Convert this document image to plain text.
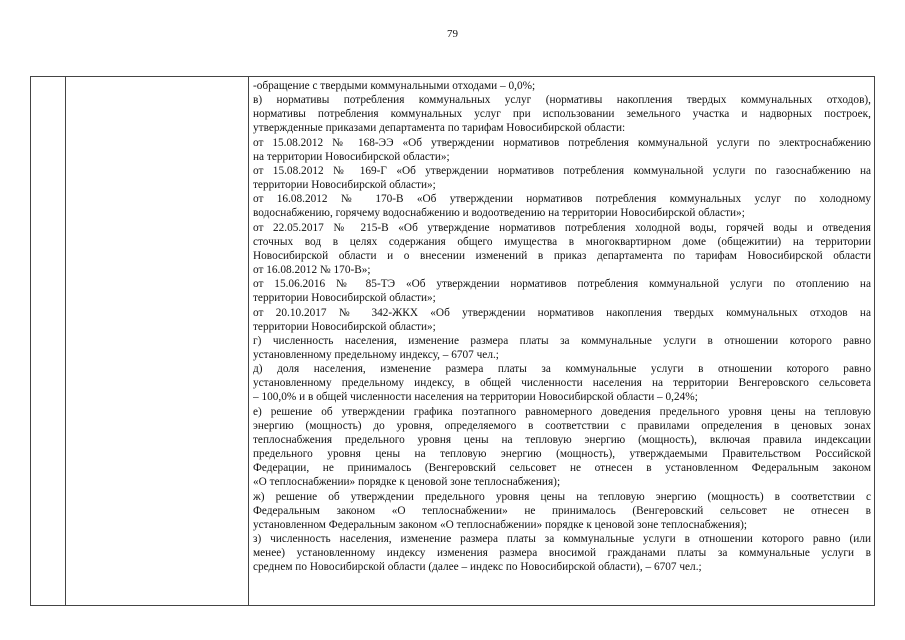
79

-обращение с твердыми коммунальными отходами – 0,0%;
в) нормативы потребления коммунальных услуг (нормативы накопления твердых коммунальных отходов),
нормативы потребления коммунальных услуг при использовании земельного участка и надворных построек,
утвержденные приказами департамента по тарифам Новосибирской области:
от 15.08.2012 № 168-ЭЭ «Об утверждении нормативов потребления коммунальной услуги по электроснабжению
на территории Новосибирской области»;
от 15.08.2012 № 169-Г «Об утверждении нормативов потребления коммунальной услуги по газоснабжению на
территории Новосибирской области»;
от 16.08.2012 № 170-В «Об утверждении нормативов потребления коммунальных услуг по холодному
водоснабжению, горячему водоснабжению и водоотведению на территории Новосибирской области»;
от 22.05.2017 № 215-В «Об утверждение нормативов потребления холодной воды, горячей воды и отведения
сточных вод в целях содержания общего имущества в многоквартирном доме (общежитии) на территории
Новосибирской области и о внесении изменений в приказ департамента по тарифам Новосибирской области
от 16.08.2012 № 170-В»;
от 15.06.2016 № 85-ТЭ «Об утверждении нормативов потребления коммунальной услуги по отоплению на
территории Новосибирской области»;
от 20.10.2017 № 342-ЖКХ «Об утверждении нормативов накопления твердых коммунальных отходов на
территории Новосибирской области»;
г) численность населения, изменение размера платы за коммунальные услуги в отношении которого равно
установленному предельному индексу, – 6707 чел.;
д) доля населения, изменение размера платы за коммунальные услуги в отношении которого равно
установленному предельному индексу, в общей численности населения на территории Венгеровского сельсовета
– 100,0% и в общей численности населения на территории Новосибирской области – 0,24%;
е) решение об утверждении графика поэтапного равномерного доведения предельного уровня цены на тепловую
энергию (мощность) до уровня, определяемого в соответствии с правилами определения в ценовых зонах
теплоснабжения предельного уровня цены на тепловую энергию (мощность), включая правила индексации
предельного уровня цены на тепловую энергию (мощность), утверждаемыми Правительством Российской
Федерации, не принималось (Венгеровский сельсовет не отнесен в установленном Федеральным законом
«О теплоснабжении» порядке к ценовой зоне теплоснабжения);
ж) решение об утверждении предельного уровня цены на тепловую энергию (мощность) в соответствии с
Федеральным законом «О теплоснабжении» не принималось (Венгеровский сельсовет не отнесен в
установленном Федеральным законом «О теплоснабжении» порядке к ценовой зоне теплоснабжения);
з) численность населения, изменение размера платы за коммунальные услуги в отношении которого равно (или
менее) установленному индексу изменения размера вносимой гражданами платы за коммунальные услуги в
среднем по Новосибирской области (далее – индекс по Новосибирской области), – 6707 чел.;
